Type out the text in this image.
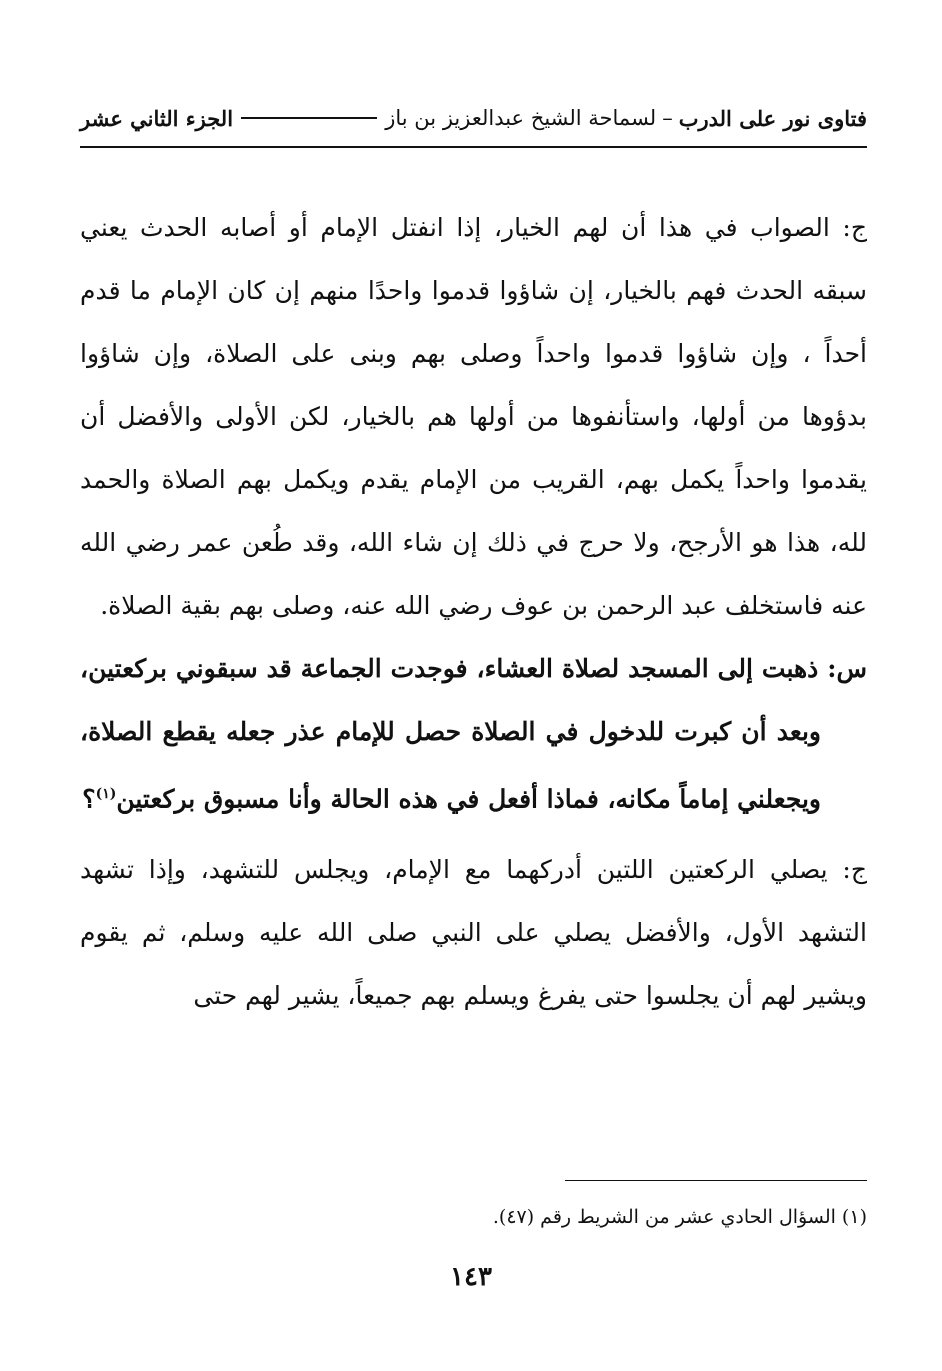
فتاوى نور على الدرب
–
لسماحة الشيخ عبدالعزيز بن باز
الجزء الثاني عشر

ج: الصواب في هذا أن لهم الخيار، إذا انفتل الإمام أو أصابه الحدث يعني سبقه الحدث فهم بالخيار، إن شاؤوا قدموا واحدًا منهم إن كان الإمام ما قدم أحداً ، وإن شاؤوا قدموا واحداً وصلى بهم وبنى على الصلاة، وإن شاؤوا بدؤوها من أولها، واستأنفوها من أولها هم بالخيار، لكن الأولى والأفضل أن يقدموا واحداً يكمل بهم، القريب من الإمام يقدم ويكمل بهم الصلاة والحمد لله، هذا هو الأرجح، ولا حرج في ذلك إن شاء الله، وقد طُعن عمر رضي الله عنه فاستخلف عبد الرحمن بن عوف رضي الله عنه، وصلى بهم بقية الصلاة.

س: ذهبت إلى المسجد لصلاة العشاء، فوجدت الجماعة قد سبقوني بركعتين، وبعد أن كبرت للدخول في الصلاة حصل للإمام عذر جعله يقطع الصلاة، ويجعلني إماماً مكانه، فماذا أفعل في هذه الحالة وأنا مسبوق بركعتين$^{(١)}$؟

ج: يصلي الركعتين اللتين أدركهما مع الإمام، ويجلس للتشهد، وإذا تشهد التشهد الأول، والأفضل يصلي على النبي صلى الله عليه وسلم، ثم يقوم ويشير لهم أن يجلسوا حتى يفرغ ويسلم بهم جميعاً، يشير لهم حتى

(١) السؤال الحادي عشر من الشريط رقم (٤٧).
١٤٣
